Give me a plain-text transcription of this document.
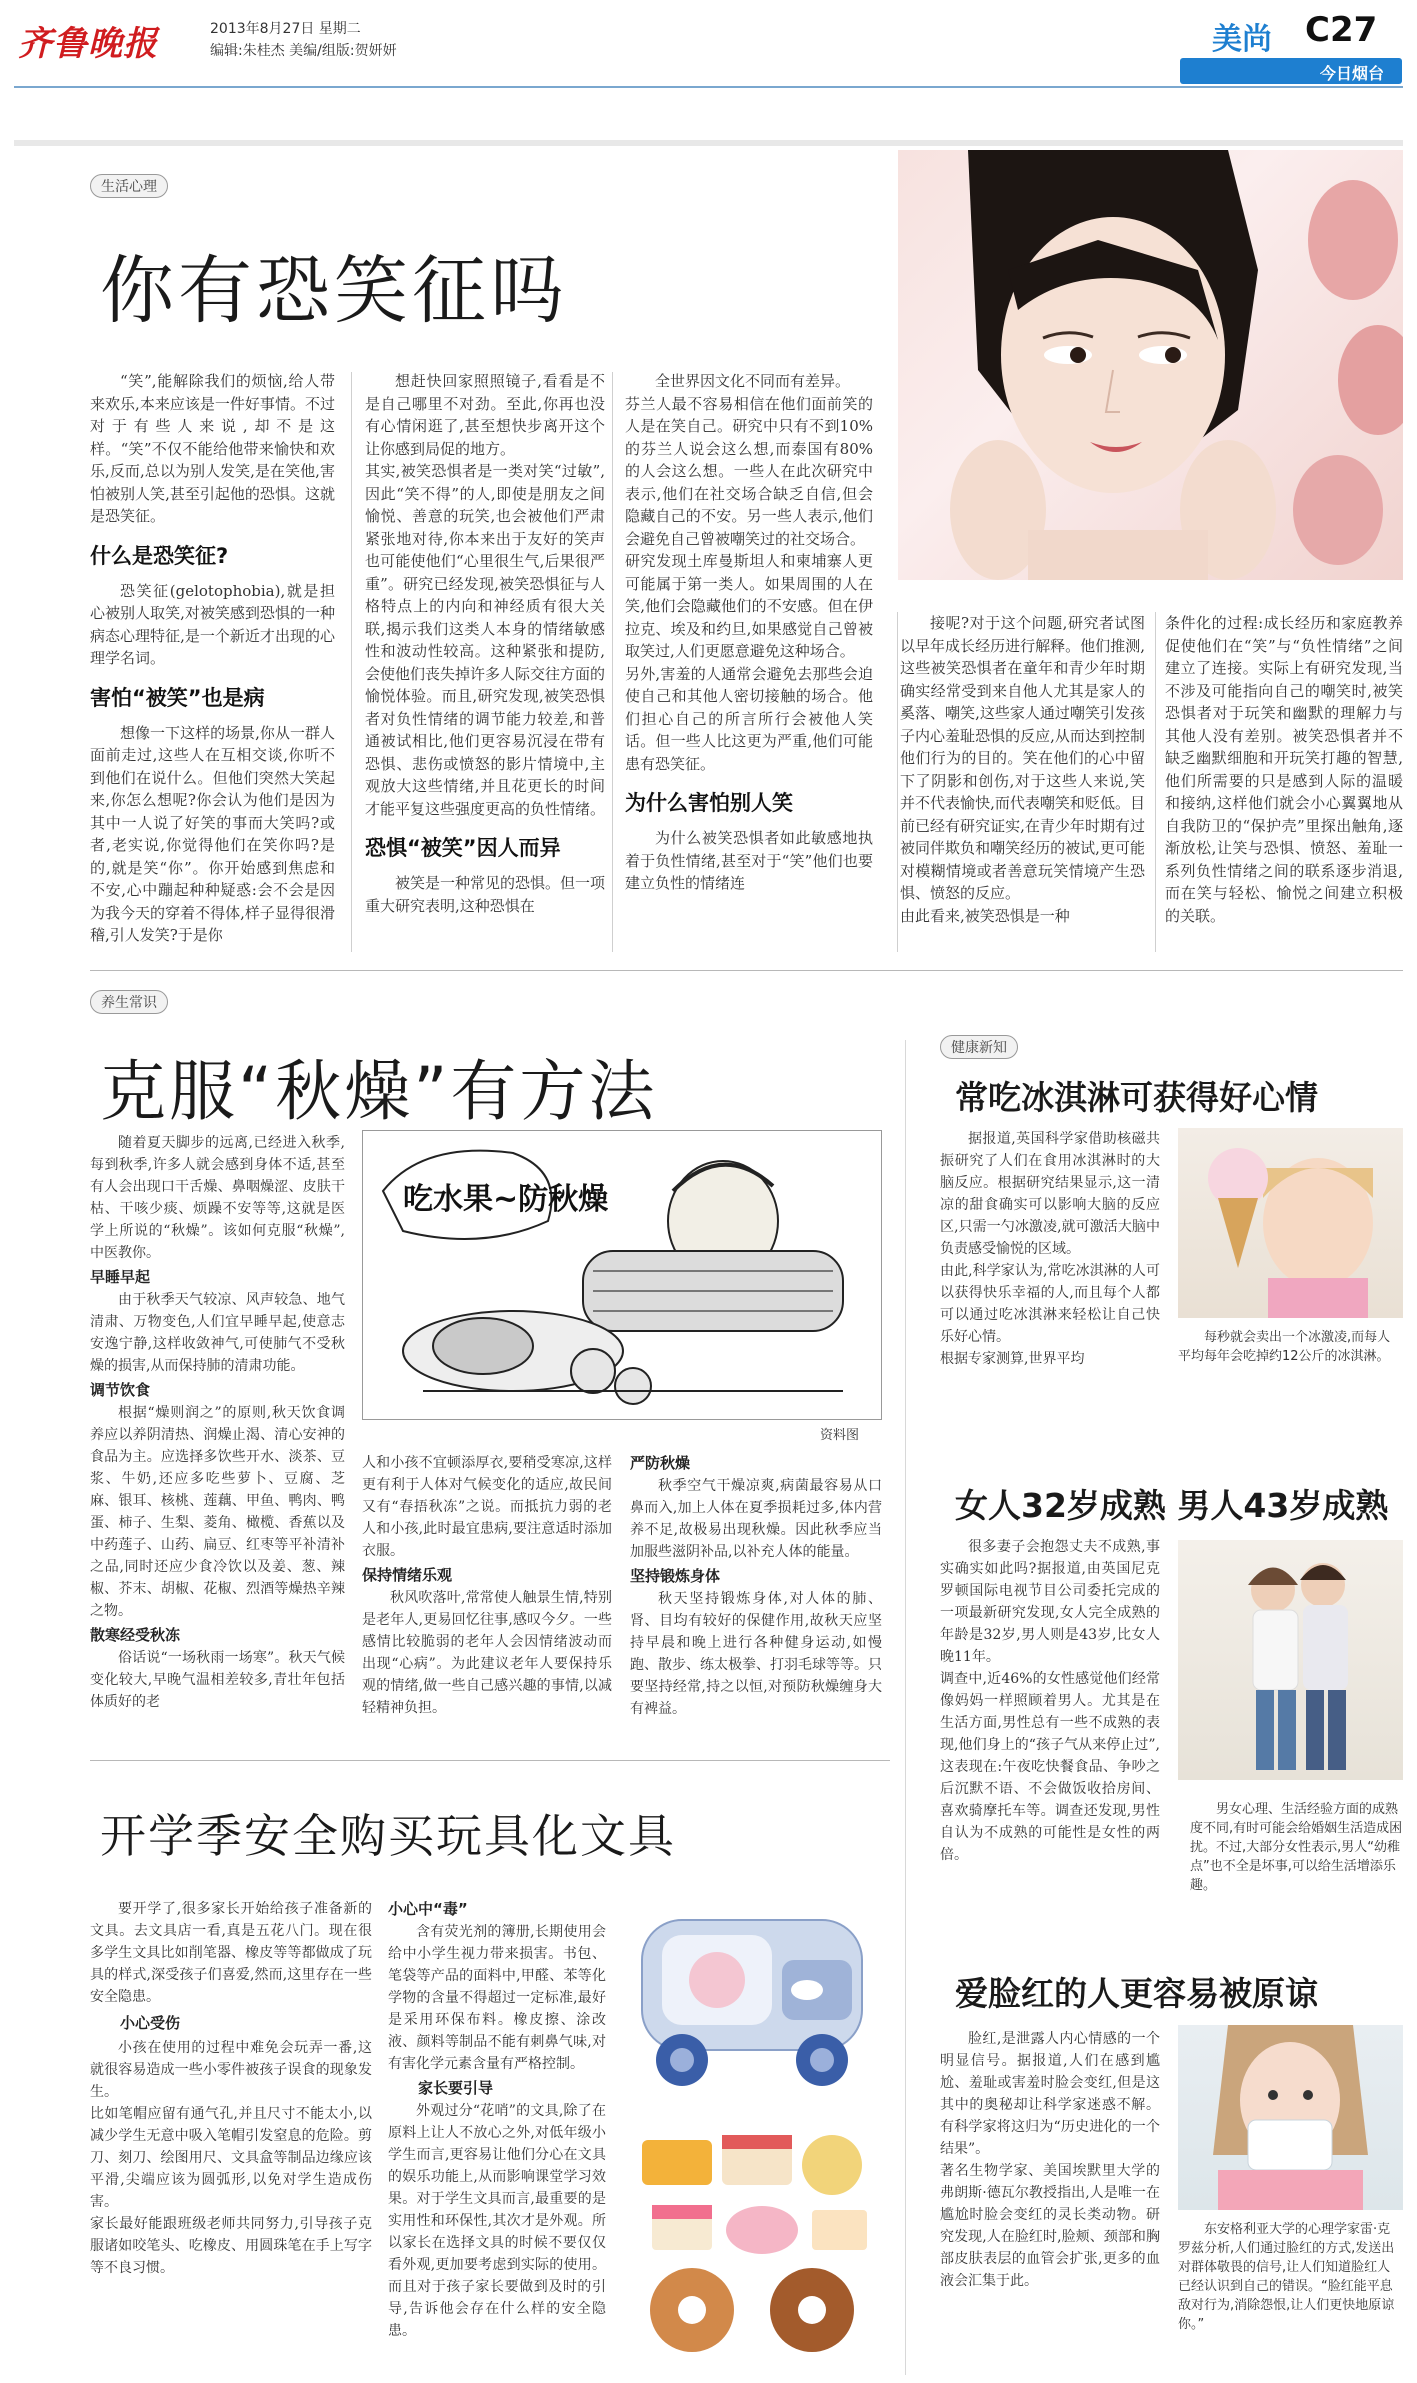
齐鲁晚报	2013年8月27日 星期二
编辑:朱桂杰 美编/组版:贺妍妍	美尚 C27
今日烟台
生活心理
你有恐笑征吗

“笑”,能解除我们的烦恼,给人带来欢乐,本来应该是一件好事情。不过对于有些人来说,却不是这样。“笑”不仅不能给他带来愉快和欢乐,反而,总以为别人发笑,是在笑他,害怕被别人笑,甚至引起他的恐惧。这就是恐笑征。

什么是恐笑征?

恐笑征(gelotophobia),就是担心被别人取笑,对被笑感到恐惧的一种病态心理特征,是一个新近才出现的心理学名词。

害怕“被笑”也是病

想像一下这样的场景,你从一群人面前走过,这些人在互相交谈,你听不到他们在说什么。但他们突然大笑起来,你怎么想呢?你会认为他们是因为其中一人说了好笑的事而大笑吗?或者,老实说,你觉得他们在笑你吗?是的,就是笑“你”。你开始感到焦虑和不安,心中蹦起种种疑惑:会不会是因为我今天的穿着不得体,样子显得很滑稽,引人发笑?于是你

想赶快回家照照镜子,看看是不是自己哪里不对劲。至此,你再也没有心情闲逛了,甚至想快步离开这个让你感到局促的地方。
其实,被笑恐惧者是一类对笑“过敏”,因此“笑不得”的人,即使是朋友之间愉悦、善意的玩笑,也会被他们严肃紧张地对待,你本来出于友好的笑声也可能使他们“心里很生气,后果很严重”。研究已经发现,被笑恐惧征与人格特点上的内向和神经质有很大关联,揭示我们这类人本身的情绪敏感性和波动性较高。这种紧张和提防,会使他们丧失掉许多人际交往方面的愉悦体验。而且,研究发现,被笑恐惧者对负性情绪的调节能力较差,和普通被试相比,他们更容易沉浸在带有恐惧、悲伤或愤怒的影片情境中,主观放大这些情绪,并且花更长的时间才能平复这些强度更高的负性情绪。

恐惧“被笑”因人而异

被笑是一种常见的恐惧。但一项重大研究表明,这种恐惧在

全世界因文化不同而有差异。
芬兰人最不容易相信在他们面前笑的人是在笑自己。研究中只有不到10%的芬兰人说会这么想,而泰国有80%的人会这么想。一些人在此次研究中表示,他们在社交场合缺乏自信,但会隐藏自己的不安。另一些人表示,他们会避免自己曾被嘲笑过的社交场合。
研究发现土库曼斯坦人和柬埔寨人更可能属于第一类人。如果周围的人在笑,他们会隐藏他们的不安感。但在伊拉克、埃及和约旦,如果感觉自己曾被取笑过,人们更愿意避免这种场合。
另外,害羞的人通常会避免去那些会迫使自己和其他人密切接触的场合。他们担心自己的所言所行会被他人笑话。但一些人比这更为严重,他们可能患有恐笑征。

为什么害怕别人笑

为什么被笑恐惧者如此敏感地执着于负性情绪,甚至对于“笑”他们也要建立负性的情绪连

接呢?对于这个问题,研究者试图以早年成长经历进行解释。他们推测,这些被笑恐惧者在童年和青少年时期确实经常受到来自他人尤其是家人的奚落、嘲笑,这些家人通过嘲笑引发孩子内心羞耻恐惧的反应,从而达到控制他们行为的目的。笑在他们的心中留下了阴影和创伤,对于这些人来说,笑并不代表愉快,而代表嘲笑和贬低。目前已经有研究证实,在青少年时期有过被同伴欺负和嘲笑经历的被试,更可能对模糊情境或者善意玩笑情境产生恐惧、愤怒的反应。
由此看来,被笑恐惧是一种

条件化的过程:成长经历和家庭教养促使他们在“笑”与“负性情绪”之间建立了连接。实际上有研究发现,当不涉及可能指向自己的嘲笑时,被笑恐惧者对于玩笑和幽默的理解力与其他人没有差别。被笑恐惧者并不缺乏幽默细胞和开玩笑打趣的智慧,他们所需要的只是感到人际的温暖和接纳,这样他们就会小心翼翼地从自我防卫的“保护壳”里探出触角,逐渐放松,让笑与恐惧、愤怒、羞耻一系列负性情绪之间的联系逐步消退,而在笑与轻松、愉悦之间建立积极的关联。

养生常识
克服“秋燥”有方法
吃水果~防秋燥
资料图

随着夏天脚步的远离,已经进入秋季,每到秋季,许多人就会感到身体不适,甚至有人会出现口干舌燥、鼻咽燥涩、皮肤干枯、干咳少痰、烦躁不安等等,这就是医学上所说的“秋燥”。该如何克服“秋燥”,中医教你。

早睡早起

由于秋季天气较凉、风声较急、地气清肃、万物变色,人们宜早睡早起,使意志安逸宁静,这样收敛神气,可使肺气不受秋燥的损害,从而保持肺的清肃功能。

调节饮食

根据“燥则润之”的原则,秋天饮食调养应以养阴清热、润燥止渴、清心安神的食品为主。应选择多饮些开水、淡茶、豆浆、牛奶,还应多吃些萝卜、豆腐、芝麻、银耳、核桃、莲藕、甲鱼、鸭肉、鸭蛋、柿子、生梨、菱角、橄榄、香蕉以及中药莲子、山药、扁豆、红枣等平补清补之品,同时还应少食冷饮以及姜、葱、辣椒、芥末、胡椒、花椒、烈酒等燥热辛辣之物。

散寒经受秋冻

俗话说“一场秋雨一场寒”。秋天气候变化较大,早晚气温相差较多,青壮年包括体质好的老

人和小孩不宜顿添厚衣,要稍受寒凉,这样更有利于人体对气候变化的适应,故民间又有“春捂秋冻”之说。而抵抗力弱的老人和小孩,此时最宜患病,要注意适时添加衣服。

保持情绪乐观

秋风吹落叶,常常使人触景生情,特别是老年人,更易回忆往事,感叹今夕。一些感情比较脆弱的老年人会因情绪波动而出现“心病”。为此建议老年人要保持乐观的情绪,做一些自己感兴趣的事情,以减轻精神负担。

严防秋燥

秋季空气干燥凉爽,病菌最容易从口鼻而入,加上人体在夏季损耗过多,体内营养不足,故极易出现秋燥。因此秋季应当加服些滋阴补品,以补充人体的能量。

坚持锻炼身体

秋天坚持锻炼身体,对人体的肺、肾、目均有较好的保健作用,故秋天应坚持早晨和晚上进行各种健身运动,如慢跑、散步、练太极拳、打羽毛球等等。只要坚持经常,持之以恒,对预防秋燥缠身大有裨益。

开学季安全购买玩具化文具

要开学了,很多家长开始给孩子准备新的文具。去文具店一看,真是五花八门。现在很多学生文具比如削笔器、橡皮等等都做成了玩具的样式,深受孩子们喜爱,然而,这里存在一些安全隐患。

小心受伤

小孩在使用的过程中难免会玩弄一番,这就很容易造成一些小零件被孩子误食的现象发生。
比如笔帽应留有通气孔,并且尺寸不能太小,以减少学生无意中吸入笔帽引发窒息的危险。剪刀、刻刀、绘图用尺、文具盒等制品边缘应该平滑,尖端应该为圆弧形,以免对学生造成伤害。
家长最好能跟班级老师共同努力,引导孩子克服诸如咬笔头、吃橡皮、用圆珠笔在手上写字等不良习惯。

小心中“毒”

含有荧光剂的簿册,长期使用会给中小学生视力带来损害。书包、笔袋等产品的面料中,甲醛、苯等化学物的含量不得超过一定标准,最好是采用环保布料。橡皮擦、涂改液、颜料等制品不能有刺鼻气味,对有害化学元素含量有严格控制。

家长要引导

外观过分“花哨”的文具,除了在原料上让人不放心之外,对低年级小学生而言,更容易让他们分心在文具的娱乐功能上,从而影响课堂学习效果。对于学生文具而言,最重要的是实用性和环保性,其次才是外观。所以家长在选择文具的时候不要仅仅看外观,更加要考虑到实际的使用。而且对于孩子家长要做到及时的引导,告诉他会存在什么样的安全隐患。

健康新知
常吃冰淇淋可获得好心情

据报道,英国科学家借助核磁共振研究了人们在食用冰淇淋时的大脑反应。根据研究结果显示,这一清凉的甜食确实可以影响大脑的反应区,只需一勺冰激凌,就可激活大脑中负责感受愉悦的区域。
由此,科学家认为,常吃冰淇淋的人可以获得快乐幸福的人,而且每个人都可以通过吃冰淇淋来轻松让自己快乐好心情。
根据专家测算,世界平均

每秒就会卖出一个冰激凌,而每人平均每年会吃掉约12公斤的冰淇淋。

女人32岁成熟 男人43岁成熟

很多妻子会抱怨丈夫不成熟,事实确实如此吗?据报道,由英国尼克罗顿国际电视节目公司委托完成的一项最新研究发现,女人完全成熟的年龄是32岁,男人则是43岁,比女人晚11年。
调查中,近46%的女性感觉他们经常像妈妈一样照顾着男人。尤其是在生活方面,男性总有一些不成熟的表现,他们身上的“孩子气从来停止过”,这表现在:午夜吃快餐食品、争吵之后沉默不语、不会做饭收拾房间、喜欢骑摩托车等。调查还发现,男性自认为不成熟的可能性是女性的两倍。

男女心理、生活经验方面的成熟度不同,有时可能会给婚姻生活造成困扰。不过,大部分女性表示,男人“幼稚点”也不全是坏事,可以给生活增添乐趣。

爱脸红的人更容易被原谅

脸红,是泄露人内心情感的一个明显信号。据报道,人们在感到尴尬、羞耻或害羞时脸会变红,但是这其中的奥秘却让科学家迷惑不解。有科学家将这归为“历史进化的一个结果”。
著名生物学家、美国埃默里大学的弗朗斯·德瓦尔教授指出,人是唯一在尴尬时脸会变红的灵长类动物。研究发现,人在脸红时,脸颊、颈部和胸部皮肤表层的血管会扩张,更多的血液会汇集于此。

东安格利亚大学的心理学家雷·克罗兹分析,人们通过脸红的方式,发送出对群体敬畏的信号,让人们知道脸红人已经认识到自己的错误。“脸红能平息敌对行为,消除怨恨,让人们更快地原谅你。”
